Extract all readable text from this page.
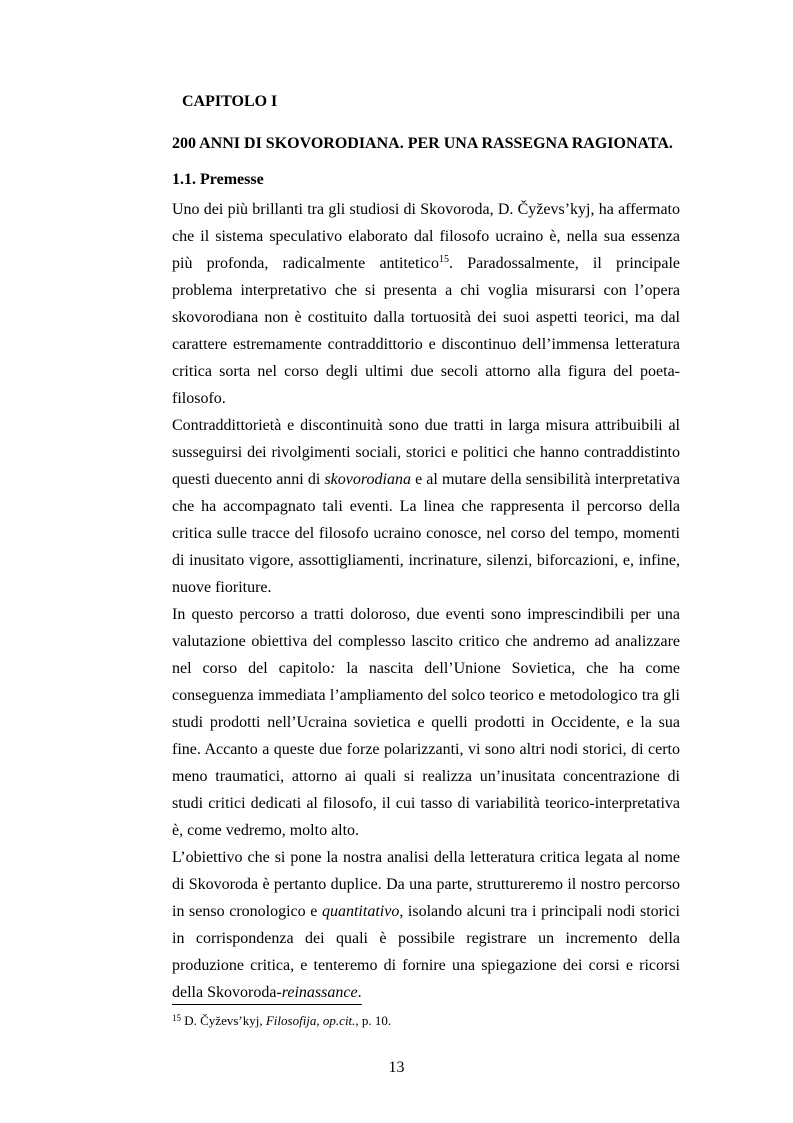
CAPITOLO I
200 ANNI DI SKOVORODIANA. PER UNA RASSEGNA RAGIONATA.
1.1. Premesse

Uno dei più brillanti tra gli studiosi di Skovoroda, D. Čyževs’kyj, ha affermato che il sistema speculativo elaborato dal filosofo ucraino è, nella sua essenza più profonda, radicalmente antitetico$^{15}$. Paradossalmente, il principale problema interpretativo che si presenta a chi voglia misurarsi con l’opera skovorodiana non è costituito dalla tortuosità dei suoi aspetti teorici, ma dal carattere estremamente contraddittorio e discontinuo dell’immensa letteratura critica sorta nel corso degli ultimi due secoli attorno alla figura del poeta-filosofo.

Contraddittorietà e discontinuità sono due tratti in larga misura attribuibili al susseguirsi dei rivolgimenti sociali, storici e politici che hanno contraddistinto questi duecento anni di skovorodiana e al mutare della sensibilità interpretativa che ha accompagnato tali eventi. La linea che rappresenta il percorso della critica sulle tracce del filosofo ucraino conosce, nel corso del tempo, momenti di inusitato vigore, assottigliamenti, incrinature, silenzi, biforcazioni, e, infine, nuove fioriture.

In questo percorso a tratti doloroso, due eventi sono imprescindibili per una valutazione obiettiva del complesso lascito critico che andremo ad analizzare nel corso del capitolo: la nascita dell’Unione Sovietica, che ha come conseguenza immediata l’ampliamento del solco teorico e metodologico tra gli studi prodotti nell’Ucraina sovietica e quelli prodotti in Occidente, e la sua fine. Accanto a queste due forze polarizzanti, vi sono altri nodi storici, di certo meno traumatici, attorno ai quali si realizza un’inusitata concentrazione di studi critici dedicati al filosofo, il cui tasso di variabilità teorico-interpretativa è, come vedremo, molto alto.

L’obiettivo che si pone la nostra analisi della letteratura critica legata al nome di Skovoroda è pertanto duplice. Da una parte, struttureremo il nostro percorso in senso cronologico e quantitativo, isolando alcuni tra i principali nodi storici in corrispondenza dei quali è possibile registrare un incremento della produzione critica, e tenteremo di fornire una spiegazione dei corsi e ricorsi della Skovoroda-reinassance.

$^{15}$ D. Čyževs’kyj, Filosofija, op.cit., p. 10.
13
